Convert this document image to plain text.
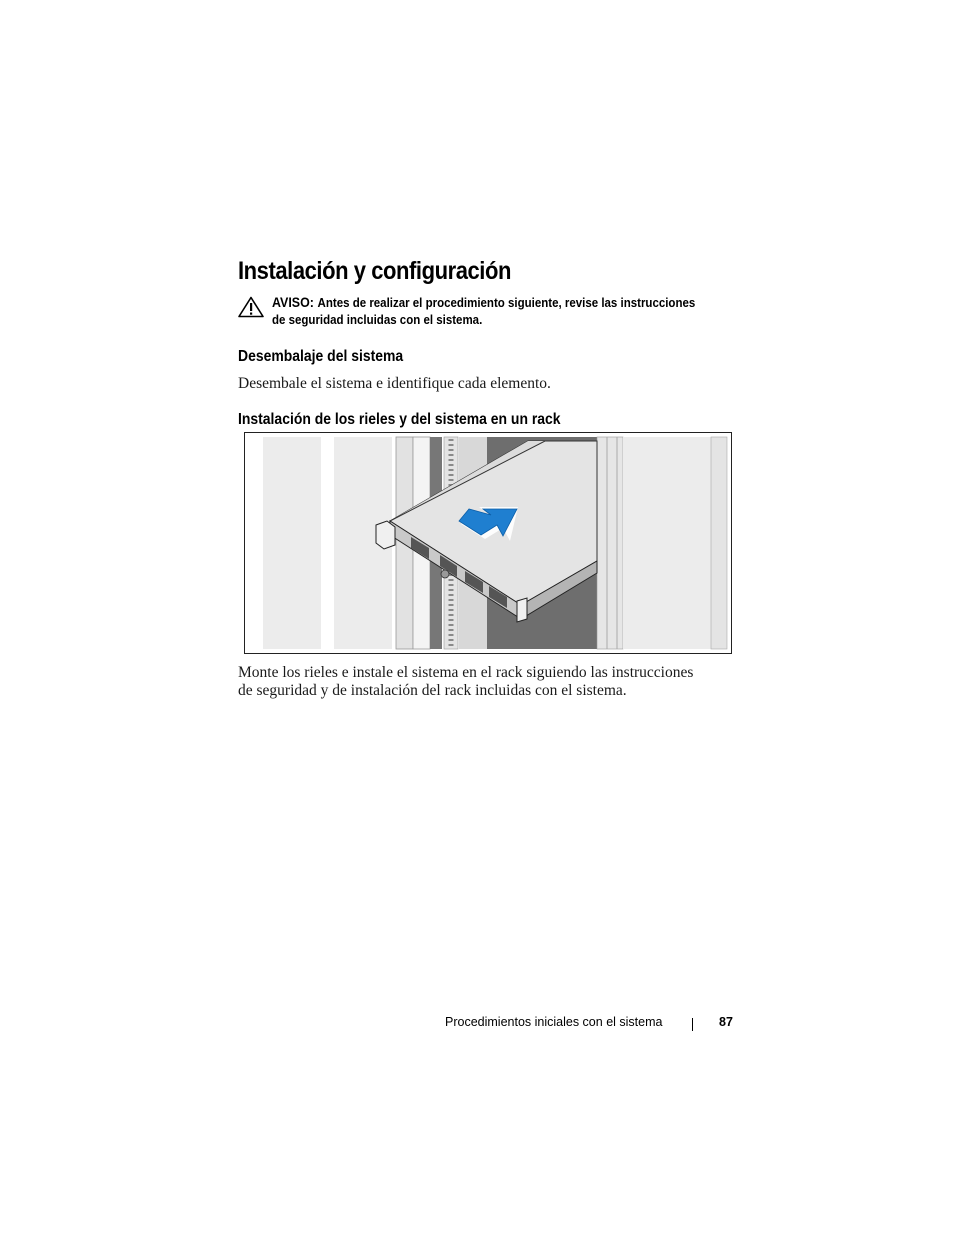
Instalación y configuración
AVISO: Antes de realizar el procedimiento siguiente, revise las instrucciones de seguridad incluidas con el sistema.
Desembalaje del sistema

Desembale el sistema e identifique cada elemento.

Instalación de los rieles y del sistema en un rack

Monte los rieles e instale el sistema en el rack siguiendo las instrucciones de seguridad y de instalación del rack incluidas con el sistema.

Procedimientos iniciales con el sistema	87
